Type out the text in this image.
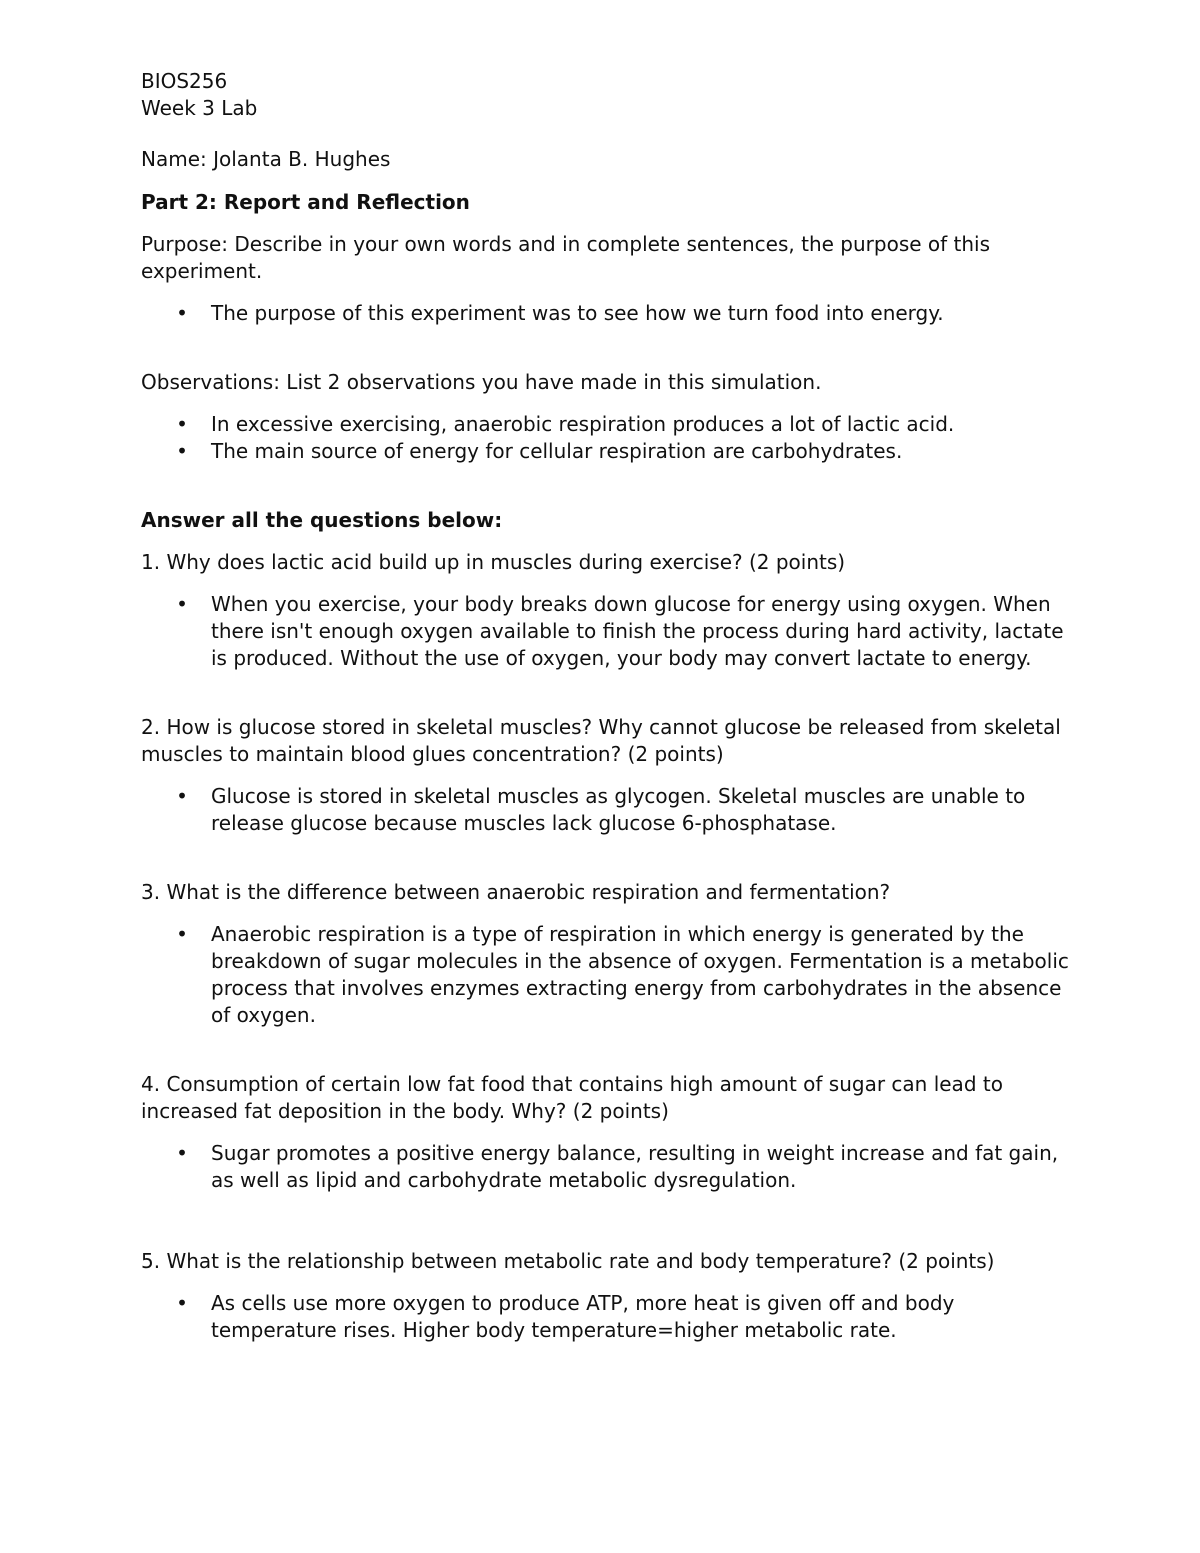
BIOS256

Week 3 Lab

Name: Jolanta B. Hughes

Part 2: Report and Reflection

Purpose: Describe in your own words and in complete sentences, the purpose of this experiment.

• The purpose of this experiment was to see how we turn food into energy.

Observations: List 2 observations you have made in this simulation.

• In excessive exercising, anaerobic respiration produces a lot of lactic acid.
• The main source of energy for cellular respiration are carbohydrates.

Answer all the questions below:

1. Why does lactic acid build up in muscles during exercise? (2 points)

• When you exercise, your body breaks down glucose for energy using oxygen. When there isn't enough oxygen available to finish the process during hard activity, lactate is produced. Without the use of oxygen, your body may convert lactate to energy.

2. How is glucose stored in skeletal muscles? Why cannot glucose be released from skeletal muscles to maintain blood glues concentration? (2 points)

• Glucose is stored in skeletal muscles as glycogen. Skeletal muscles are unable to release glucose because muscles lack glucose 6-phosphatase.

3. What is the difference between anaerobic respiration and fermentation?

• Anaerobic respiration is a type of respiration in which energy is generated by the breakdown of sugar molecules in the absence of oxygen. Fermentation is a metabolic process that involves enzymes extracting energy from carbohydrates in the absence of oxygen.

4. Consumption of certain low fat food that contains high amount of sugar can lead to increased fat deposition in the body. Why? (2 points)

• Sugar promotes a positive energy balance, resulting in weight increase and fat gain, as well as lipid and carbohydrate metabolic dysregulation.

5. What is the relationship between metabolic rate and body temperature? (2 points)

• As cells use more oxygen to produce ATP, more heat is given off and body temperature rises. Higher body temperature=higher metabolic rate.
